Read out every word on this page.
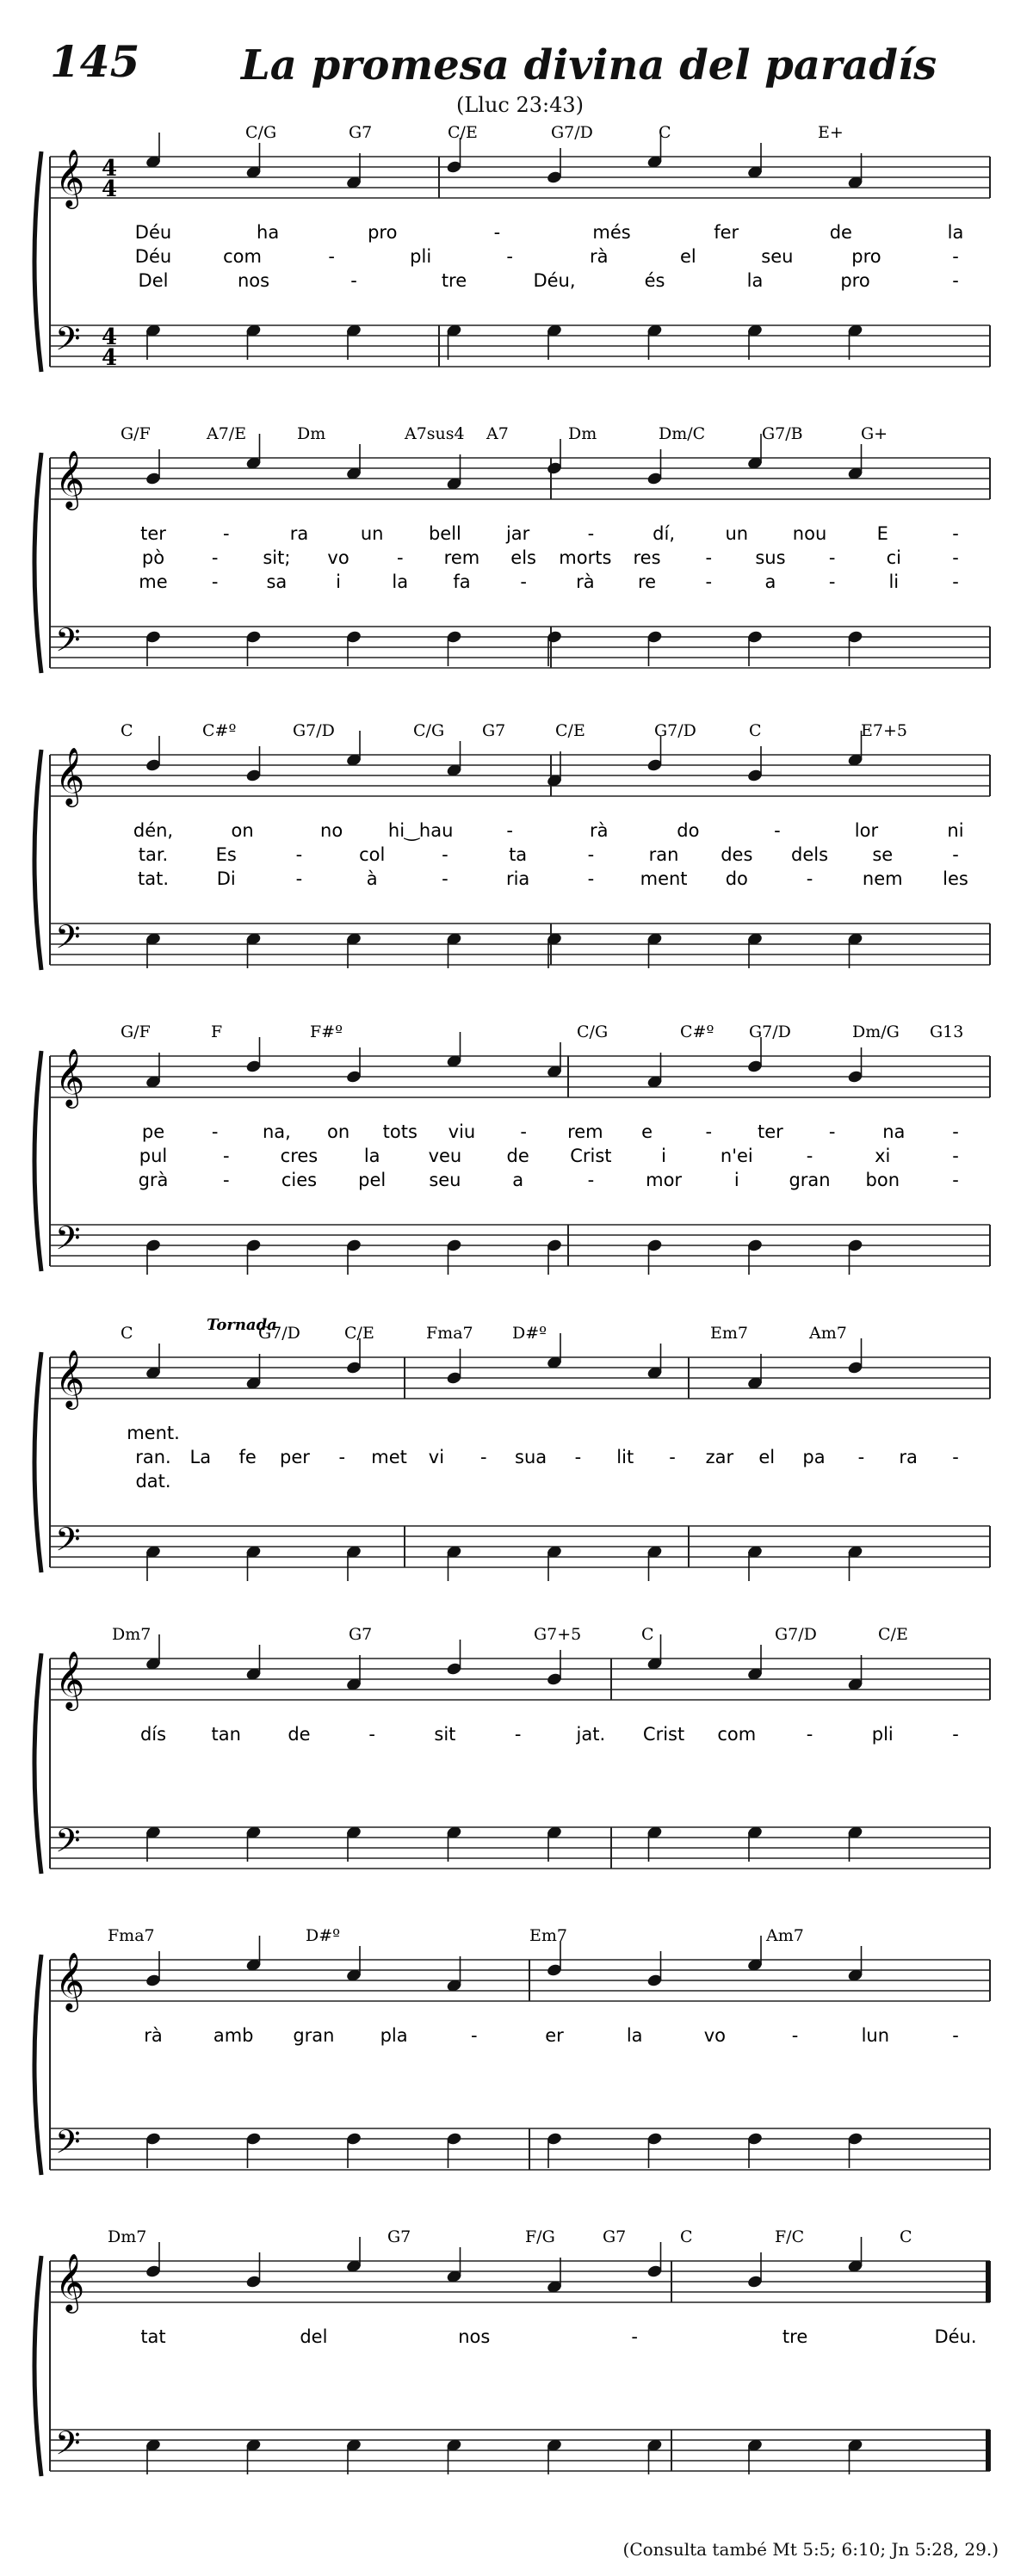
145 La promesa divina del paradís
(Lluc 23:43)
𝄞 4
4
𝄢 4
4
C/G	G7	C/E	G7/D	C	E+
Déu	ha	pro	-	més	fer	de	la
Déu	com	-	pli	-	rà	el	seu	pro	-
Del	nos	-	tre	Déu,	és	la	pro	-
𝄞
𝄢
G/F	A7/E	Dm	A7sus4 A7	Dm	Dm/C	G7/B	G+
ter	-	ra	un bell jar	-	dí,	un nou	E	-
pò	- sit; vo	- rem els morts res - sus -	ci	-
me -	sa	i	la fa	-	rà re	-	a	-	li	-
𝄞
𝄢
C	C#º	G7/D	C/G G7	C/E	G7/D	C	E7+5
dén,	on	no	hi‿hau	-	rà	do	-	lor	ni
tar.	Es	-	col	-	ta	-	ran des dels se	-
tat.	Di	-	à	-	ria	-	ment do	-	nem les
𝄞
𝄢
G/F	F	F#º	C/G	C#º G7/D	Dm/G G13
pe	- na, on tots viu - rem e	-	ter	-	na	-
pul	-	cres	la	veu de Crist	i	n'ei	-	xi	-
grà	-	cies pel seu	a	-	mor	i	gran bon	-
𝄞
𝄢
C	G7/D	C/E	Fma7 D#º	Em7	Am7
Tornada
ment.
ran. La fe per - met vi - sua - lit - zar el pa - ra -
dat.
𝄞
𝄢
Dm7	G7	G7+5	C	G7/D	C/E
dís tan	de	-	sit	-	jat. Crist com	-	pli	-
𝄞
𝄢
Fma7	D#º	Em7	Am7
rà	amb gran	pla	-	er	la	vo	-	lun	-
𝄞
𝄢
Dm7	G7	F/G	G7	C	F/C	C
tat	del	nos	-	tre	Déu.
(Consulta també Mt 5:5; 6:10; Jn 5:28, 29.)
